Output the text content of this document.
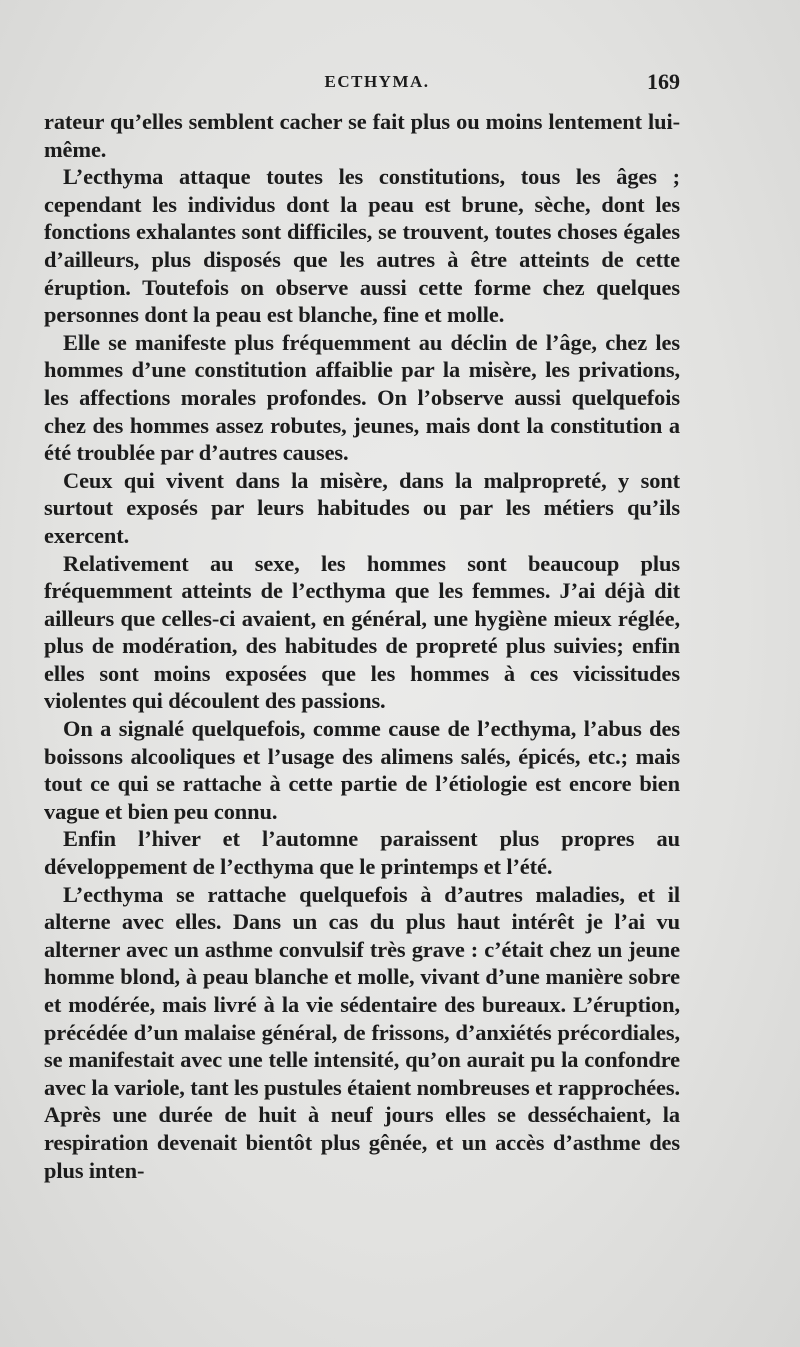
ECTHYMA.	169

rateur qu’elles semblent cacher se fait plus ou moins lentement lui-même.

L’ecthyma attaque toutes les constitutions, tous les âges ; cependant les individus dont la peau est brune, sèche, dont les fonctions exhalantes sont difficiles, se trouvent, toutes choses égales d’ailleurs, plus disposés que les autres à être atteints de cette éruption. Toutefois on observe aussi cette forme chez quelques personnes dont la peau est blanche, fine et molle.

Elle se manifeste plus fréquemment au déclin de l’âge, chez les hommes d’une constitution affaiblie par la misère, les privations, les affections morales profondes. On l’observe aussi quelquefois chez des hommes assez robutes, jeunes, mais dont la constitution a été troublée par d’autres causes.

Ceux qui vivent dans la misère, dans la malpropreté, y sont surtout exposés par leurs habitudes ou par les métiers qu’ils exercent.

Relativement au sexe, les hommes sont beaucoup plus fréquemment atteints de l’ecthyma que les femmes. J’ai déjà dit ailleurs que celles-ci avaient, en général, une hygiène mieux réglée, plus de modération, des habitudes de propreté plus suivies; enfin elles sont moins exposées que les hommes à ces vicissitudes violentes qui découlent des passions.

On a signalé quelquefois, comme cause de l’ecthyma, l’abus des boissons alcooliques et l’usage des alimens salés, épicés, etc.; mais tout ce qui se rattache à cette partie de l’étiologie est encore bien vague et bien peu connu.

Enfin l’hiver et l’automne paraissent plus propres au développement de l’ecthyma que le printemps et l’été.

L’ecthyma se rattache quelquefois à d’autres maladies, et il alterne avec elles. Dans un cas du plus haut intérêt je l’ai vu alterner avec un asthme convulsif très grave : c’était chez un jeune homme blond, à peau blanche et molle, vivant d’une manière sobre et modérée, mais livré à la vie sédentaire des bureaux. L’éruption, précédée d’un malaise général, de frissons, d’anxiétés précordiales, se manifestait avec une telle intensité, qu’on aurait pu la confondre avec la variole, tant les pustules étaient nombreuses et rapprochées. Après une durée de huit à neuf jours elles se desséchaient, la respiration devenait bientôt plus gênée, et un accès d’asthme des plus inten-
